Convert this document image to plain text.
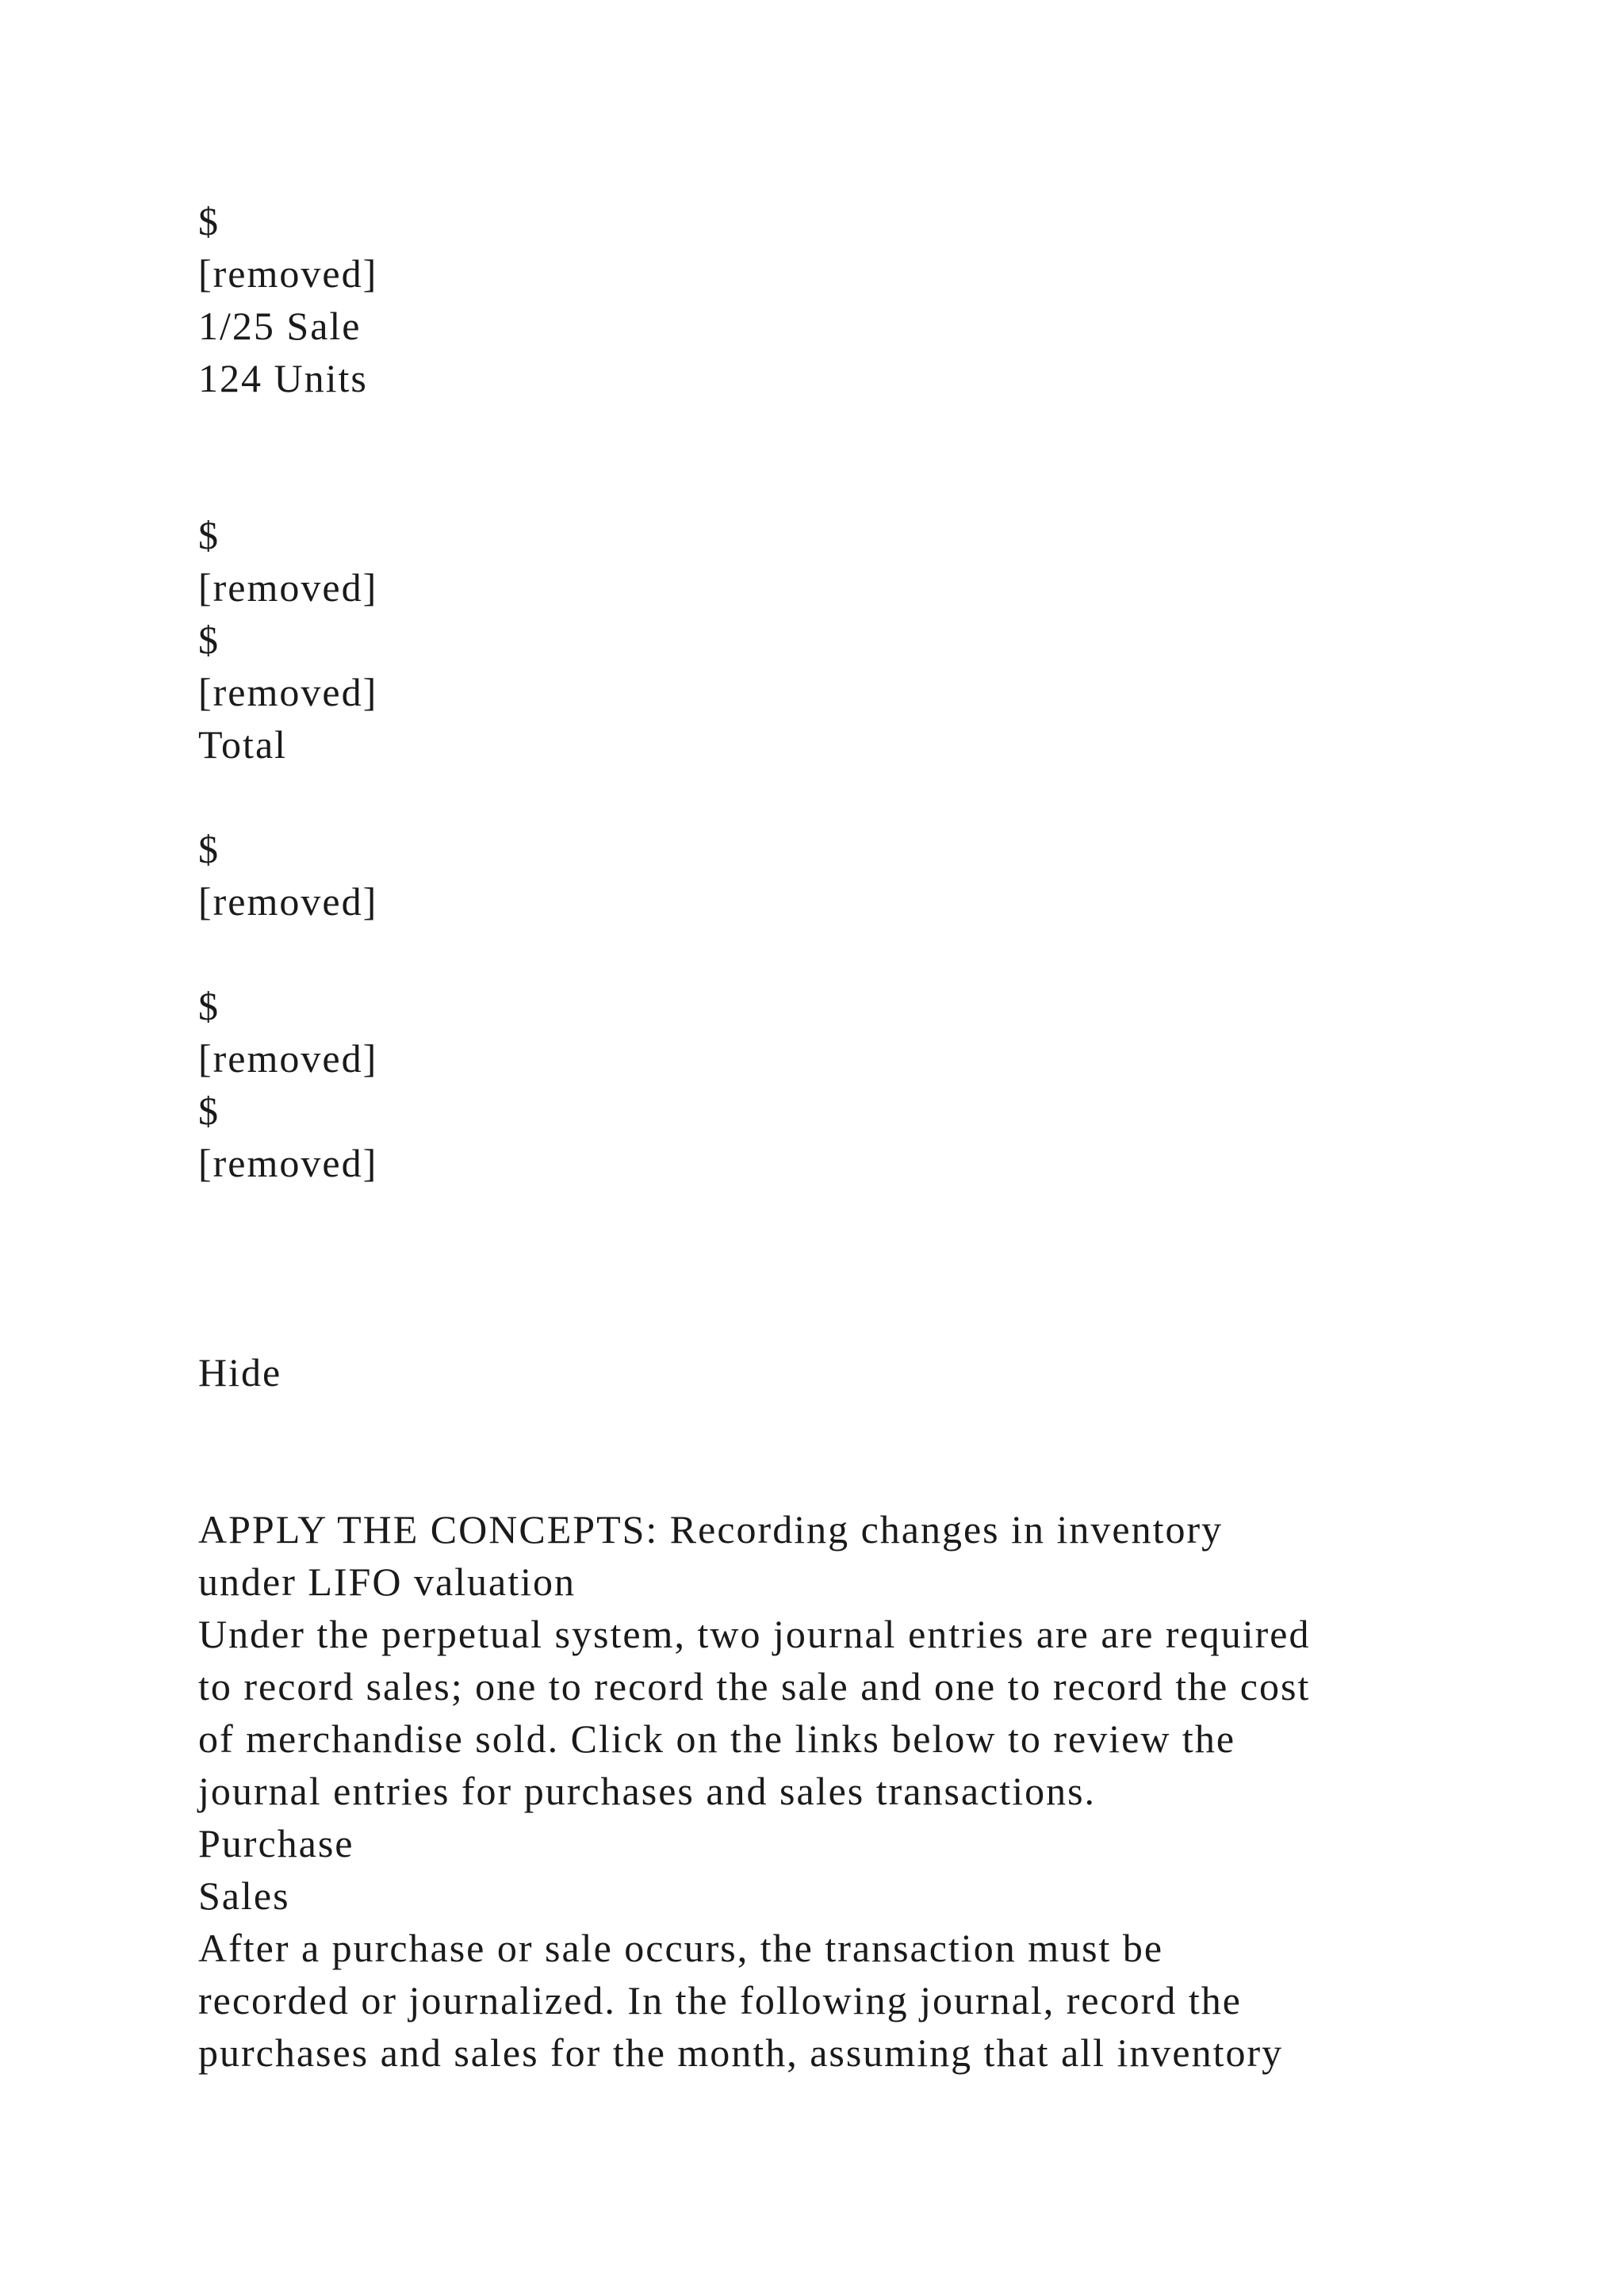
$
[removed]
1/25 Sale
124 Units
$
[removed]
$
[removed]
Total
$
[removed]
$
[removed]
$
[removed]
Hide
APPLY THE CONCEPTS: Recording changes in inventory
under LIFO valuation
Under the perpetual system, two journal entries are are required
to record sales; one to record the sale and one to record the cost
of merchandise sold. Click on the links below to review the
journal entries for purchases and sales transactions.
Purchase
Sales
After a purchase or sale occurs, the transaction must be
recorded or journalized. In the following journal, record the
purchases and sales for the month, assuming that all inventory
